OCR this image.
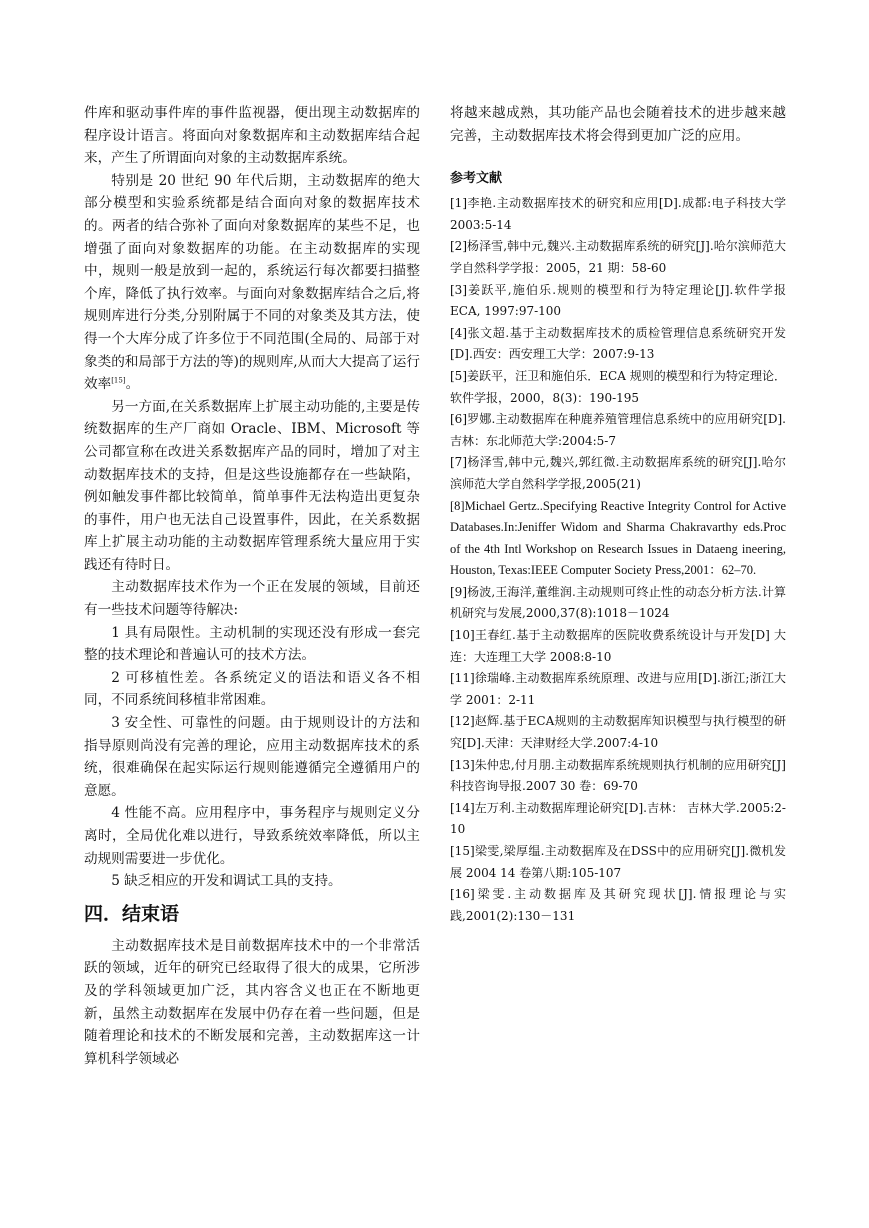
件库和驱动事件库的事件监视器，便出现主动数据库的程序设计语言。将面向对象数据库和主动数据库结合起来，产生了所谓面向对象的主动数据库系统。

特别是 20 世纪 90 年代后期，主动数据库的绝大部分模型和实验系统都是结合面向对象的数据库技术的。两者的结合弥补了面向对象数据库的某些不足，也增强了面向对象数据库的功能。在主动数据库的实现中，规则一般是放到一起的，系统运行每次都要扫描整个库，降低了执行效率。与面向对象数据库结合之后,将规则库进行分类,分别附属于不同的对象类及其方法，使得一个大库分成了许多位于不同范围(全局的、局部于对象类的和局部于方法的等)的规则库,从而大大提高了运行效率[15]。

另一方面,在关系数据库上扩展主动功能的,主要是传统数据库的生产厂商如 Oracle、IBM、Microsoft 等公司都宣称在改进关系数据库产品的同时，增加了对主动数据库技术的支持，但是这些设施都存在一些缺陷，例如触发事件都比较简单，简单事件无法构造出更复杂的事件，用户也无法自己设置事件，因此，在关系数据库上扩展主动功能的主动数据库管理系统大量应用于实践还有待时日。

主动数据库技术作为一个正在发展的领域，目前还有一些技术问题等待解决:

1 具有局限性。主动机制的实现还没有形成一套完整的技术理论和普遍认可的技术方法。

2 可移植性差。各系统定义的语法和语义各不相同，不同系统间移植非常困难。

3 安全性、可靠性的问题。由于规则设计的方法和指导原则尚没有完善的理论，应用主动数据库技术的系统，很难确保在起实际运行规则能遵循完全遵循用户的意愿。

4 性能不高。应用程序中，事务程序与规则定义分离时，全局优化难以进行，导致系统效率降低，所以主动规则需要进一步优化。

5 缺乏相应的开发和调试工具的支持。

四．结束语

主动数据库技术是目前数据库技术中的一个非常活跃的领域，近年的研究已经取得了很大的成果，它所涉及的学科领域更加广泛，其内容含义也正在不断地更新，虽然主动数据库在发展中仍存在着一些问题，但是随着理论和技术的不断发展和完善，主动数据库这一计算机科学领域必

将越来越成熟，其功能产品也会随着技术的进步越来越完善，主动数据库技术将会得到更加广泛的应用。

参考文献

[1]李艳.主动数据库技术的研究和应用[D].成都:电子科技大学 2003:5-14

[2]杨泽雪,韩中元,魏兴.主动数据库系统的研究[J].哈尔滨师范大学自然科学学报：2005，21 期：58-60

[3]姜跃平,施伯乐.规则的模型和行为特定理论[J].软件学报 ECA, 1997:97-100

[4]张文超.基于主动数据库技术的质检管理信息系统研究开发[D].西安：西安理工大学：2007:9-13

[5]姜跃平，汪卫和施伯乐．ECA 规则的模型和行为特定理论．软件学报，2000，8(3)：190-195

[6]罗娜.主动数据库在种鹿养殖管理信息系统中的应用研究[D].吉林：东北师范大学:2004:5-7

[7]杨泽雪,韩中元,魏兴,郭红微.主动数据库系统的研究[J].哈尔滨师范大学自然科学学报,2005(21)

[8]Michael Gertz..Specifying Reactive Integrity Control for Active Databases.In:Jeniffer Widom and Sharma Chakravarthy eds.Proc of the 4th Intl Workshop on Research Issues in Dataeng ineering, Houston, Texas:IEEE Computer Society Press,2001：62–70.

[9]杨波,王海洋,董维润.主动规则可终止性的动态分析方法.计算机研究与发展,2000,37(8):1018－1024

[10]王春红.基于主动数据库的医院收费系统设计与开发[D] 大连：大连理工大学 2008:8-10

[11]徐瑞峰.主动数据库系统原理、改进与应用[D].浙江;浙江大学 2001：2-11

[12]赵辉.基于ECA规则的主动数据库知识模型与执行模型的研究[D].天津：天津财经大学.2007:4-10

[13]朱仲忠,付月朋.主动数据库系统规则执行机制的应用研究[J]科技咨询导报.2007 30 卷：69-70

[14]左万利.主动数据库理论研究[D].吉林： 吉林大学.2005:2-10

[15]梁雯,梁厚缊.主动数据库及在DSS中的应用研究[J].微机发展 2004 14 卷第八期:105-107

[16]梁雯.主动数据库及其研究现状[J].情报理论与实践,2001(2):130－131
